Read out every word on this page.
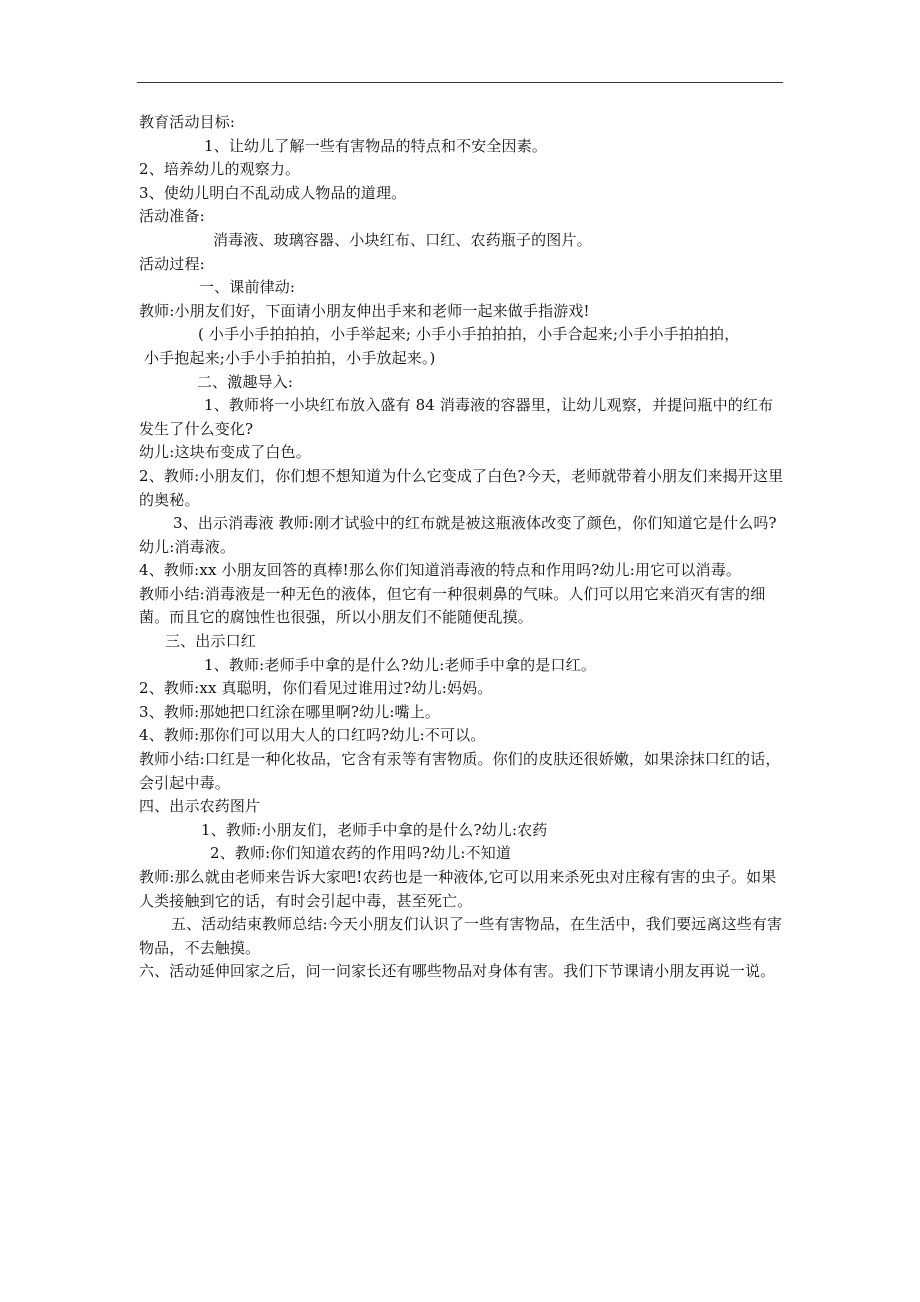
教育活动目标:
1、让幼儿了解一些有害物品的特点和不安全因素。
2、培养幼儿的观察力。
3、使幼儿明白不乱动成人物品的道理。
活动准备:
消毒液、玻璃容器、小块红布、口红、农药瓶子的图片。
活动过程:
一、课前律动:
教师:小朋友们好，下面请小朋友伸出手来和老师一起来做手指游戏!
( 小手小手拍拍拍，小手举起来; 小手小手拍拍拍，小手合起来;小手小手拍拍拍，
小手抱起来;小手小手拍拍拍，小手放起来。)
二、激趣导入:
1、教师将一小块红布放入盛有 84 消毒液的容器里，让幼儿观察，并提问瓶中的红布发生了什么变化?
幼儿:这块布变成了白色。
2、教师:小朋友们，你们想不想知道为什么它变成了白色?今天，老师就带着小朋友们来揭开这里的奥秘。
3、出示消毒液 教师:刚才试验中的红布就是被这瓶液体改变了颜色，你们知道它是什么吗?幼儿:消毒液。
4、教师:xx 小朋友回答的真棒!那么你们知道消毒液的特点和作用吗?幼儿:用它可以消毒。
教师小结:消毒液是一种无色的液体，但它有一种很刺鼻的气味。人们可以用它来消灭有害的细菌。而且它的腐蚀性也很强，所以小朋友们不能随便乱摸。
三、出示口红
1、教师:老师手中拿的是什么?幼儿:老师手中拿的是口红。
2、教师:xx 真聪明，你们看见过谁用过?幼儿:妈妈。
3、教师:那她把口红涂在哪里啊?幼儿:嘴上。
4、教师:那你们可以用大人的口红吗?幼儿:不可以。
教师小结:口红是一种化妆品，它含有汞等有害物质。你们的皮肤还很娇嫩，如果涂抹口红的话，会引起中毒。
四、出示农药图片
1、教师:小朋友们，老师手中拿的是什么?幼儿:农药
2、教师:你们知道农药的作用吗?幼儿:不知道
教师:那么就由老师来告诉大家吧!农药也是一种液体,它可以用来杀死虫对庄稼有害的虫子。如果人类接触到它的话，有时会引起中毒，甚至死亡。
五、活动结束教师总结:今天小朋友们认识了一些有害物品，在生活中，我们要远离这些有害物品，不去触摸。
六、活动延伸回家之后，问一问家长还有哪些物品对身体有害。我们下节课请小朋友再说一说。
